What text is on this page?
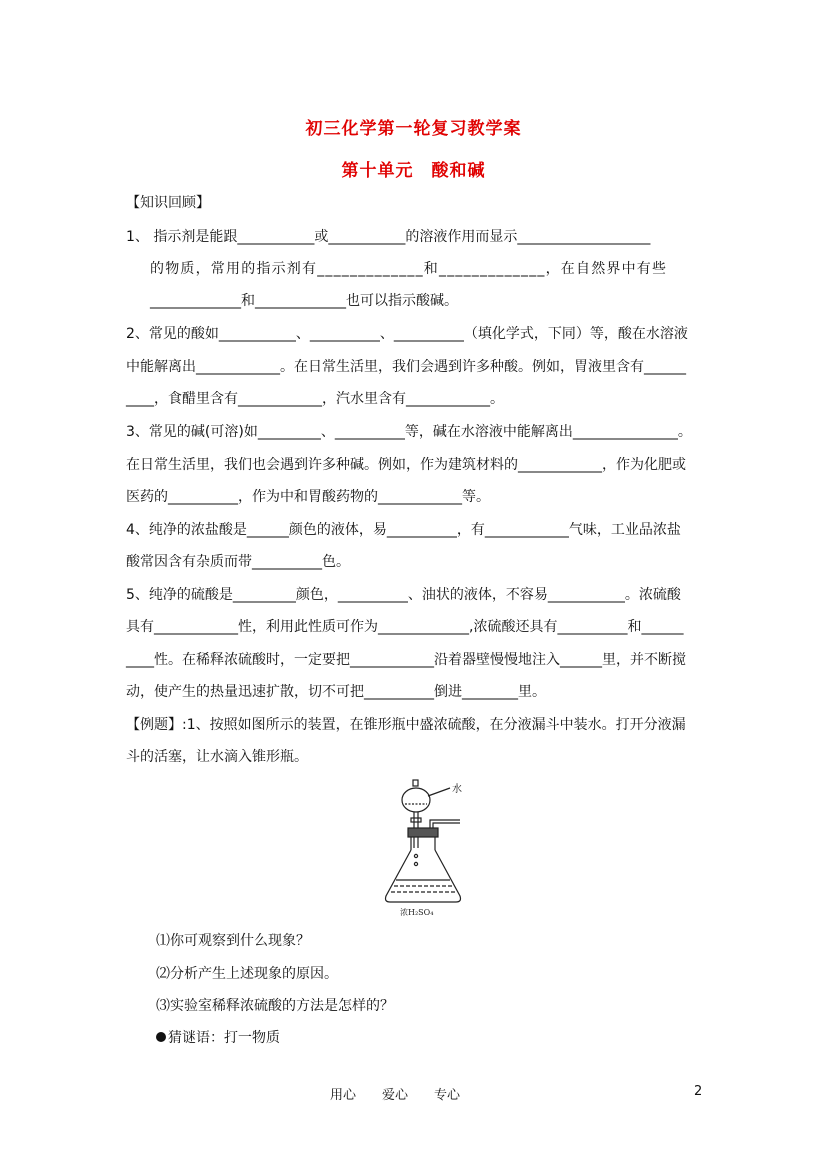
初三化学第一轮复习教学案
第十单元　酸和碱
【知识回顾】
1、 指示剂是能跟___________或___________的溶液作用而显示___________________
的物质，常用的指示剂有_____________和_____________，在自然界中有些
_____________和_____________也可以指示酸碱。
2、常见的酸如___________、__________、__________（填化学式，下同）等，酸在水溶液
中能解离出____________。在日常生活里，我们会遇到许多种酸。例如，胃液里含有______
____，食醋里含有____________，汽水里含有____________。
3、常见的碱(可溶)如_________、__________等，碱在水溶液中能解离出_______________。
在日常生活里，我们也会遇到许多种碱。例如，作为建筑材料的____________，作为化肥或
医药的__________，作为中和胃酸药物的____________等。
4、纯净的浓盐酸是______颜色的液体，易__________，有____________气味，工业品浓盐
酸常因含有杂质而带__________色。
5、纯净的硫酸是_________颜色，__________、油状的液体，不容易___________。浓硫酸
具有____________性，利用此性质可作为_____________,浓硫酸还具有__________和______
____性。在稀释浓硫酸时，一定要把____________沿着器壁慢慢地注入______里，并不断搅
动，使产生的热量迅速扩散，切不可把__________倒进________里。
【例题】:1、按照如图所示的装置，在锥形瓶中盛浓硫酸，在分液漏斗中装水。打开分液漏
斗的活塞，让水滴入锥形瓶。
水
浓H₂SO₄
⑴你可观察到什么现象？
⑵分析产生上述现象的原因。
⑶实验室稀释浓硫酸的方法是怎样的？
猜谜语：打一物质
用心　　爱心　　专心	2
